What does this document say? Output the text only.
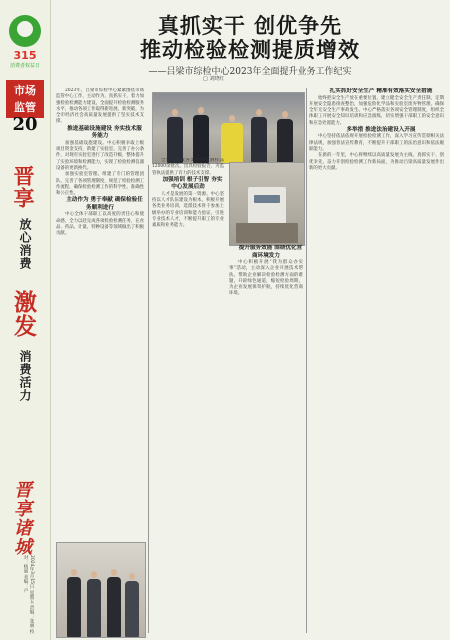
315
消费者权益日
市场
监管
20
晋享
放心消费
激发
消费活力
晋享诸城
2024年3月15日 星期五 责编：张丽 校对：杨丽 美编：卢
真抓实干 创优争先
推动检验检测提质增效
——吕梁市综检中心2023年全面提升业务工作纪实
□ 刘晓红

2023年，吕梁市综检中心紧紧围绕市场监管中心工作，主动作为，真抓实干，着力加强检验检测能力建设，全面提升检验检测服务水平，推动各项工作取得新进展、新突破，为全市经济社会高质量发展提供了坚实技术支撑。

推进基础设施建设 夯实技术服务能力

加强基础设施建设。中心积极争取上级项目资金支持，新建了实验室、完善了办公条件，对现有实验室进行了改造升级，整体提升了实验环境和检测能力，实现了检验检测仪器设备的更新换代。

加强实验室管理。组建了专门的管理团队，完善了各项管理制度，规范了检验检测工作流程，确保检验检测工作的科学性、准确性和公正性。

主动作为 勇于奉献 确保检验任务顺利进行

中心全体干部职工以高度的责任心和使命感，全力以赴完成各项检验检测任务，在食品、药品、计量、特种设备等领域做出了积极贡献。

全年共完成各类检验检测样品12000余批次，出具检验报告，为监管执法提供了有力的技术支撑。

加强培训 根子引智 夯实中心发展后劲

人才是发展的第一资源。中心坚持以人才队伍建设为根本，积极开展各类业务培训，选派技术骨干参加上级举办的专业培训和能力验证，引进专业技术人才，不断提升职工的专业素质和业务能力。

提升服务效能 围绕优化营商环境发力

中心积极开展“我为群众办实事”活动，主动深入企业开展技术帮扶，帮助企业解决检验检测方面的难题，开辟绿色通道，缩短检验周期，为企业发展保驾护航，持续优化营商环境。

扎实抓好安全生产 精准有效落实安全措施

始终把安全生产放在重要位置，建立健全安全生产责任制，定期开展安全隐患排查整治，加强危险化学品和实验室废弃物管理，确保全年无安全生产事故发生。中心严格落实各项安全管理制度，组织全体职工开展安全知识培训和应急演练，切实增强干部职工的安全意识和应急处置能力。

多举措 推进法治建设入开展

中心坚持依法依规开展检验检测工作，深入学习宣传贯彻相关法律法规，加强普法宣传教育，不断提升干部职工的法治意识和依法履职能力。

在新的一年里，中心将继续以高质量发展为主线，真抓实干、创优争先，奋力开创检验检测工作新局面，为推动吕梁高质量发展作出新的更大贡献。
